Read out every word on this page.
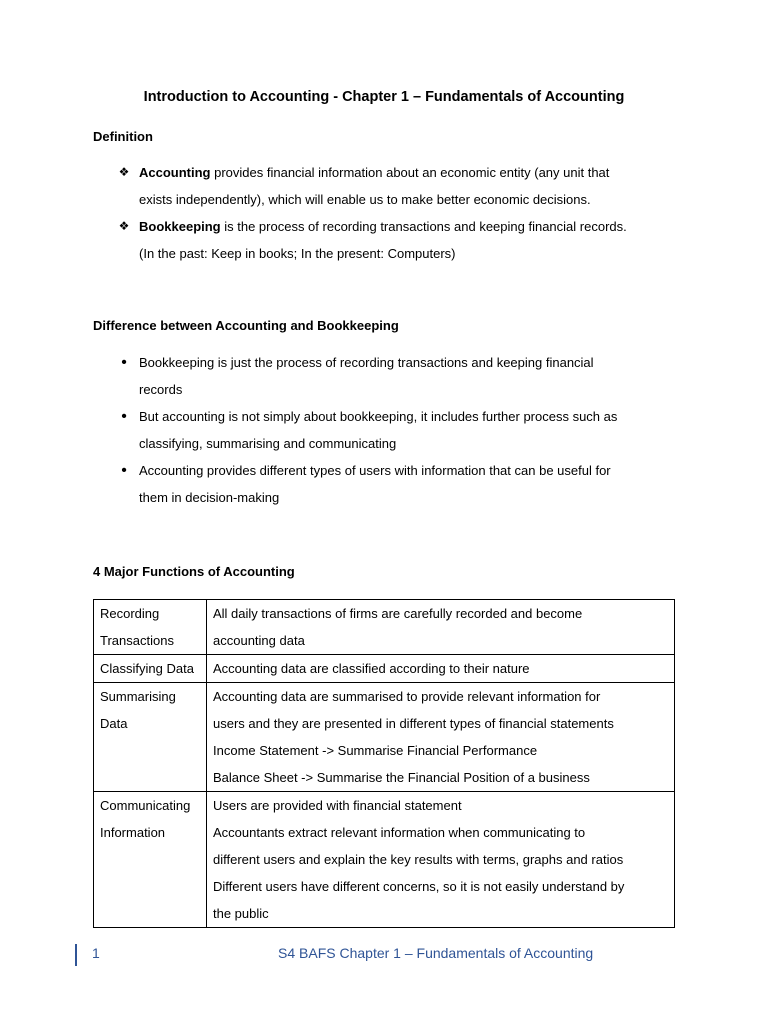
Introduction to Accounting - Chapter 1 – Fundamentals of Accounting
Definition
❖ Accounting provides financial information about an economic entity (any unit that
exists independently), which will enable us to make better economic decisions.
❖ Bookkeeping is the process of recording transactions and keeping financial records.
(In the past: Keep in books; In the present: Computers)
Difference between Accounting and Bookkeeping
• Bookkeeping is just the process of recording transactions and keeping financial
records
• But accounting is not simply about bookkeeping, it includes further process such as
classifying, summarising and communicating
• Accounting provides different types of users with information that can be useful for
them in decision-making
4 Major Functions of Accounting
Recording
Transactions	All daily transactions of firms are carefully recorded and become
accounting data

Classifying Data	Accounting data are classified according to their nature

Summarising
Data	Accounting data are summarised to provide relevant information for
users and they are presented in different types of financial statements
Income Statement -> Summarise Financial Performance
Balance Sheet -> Summarise the Financial Position of a business

Communicating
Information	Users are provided with financial statement
Accountants extract relevant information when communicating to
different users and explain the key results with terms, graphs and ratios
Different users have different concerns, so it is not easily understand by
the public
1	S4 BAFS Chapter 1 – Fundamentals of Accounting
